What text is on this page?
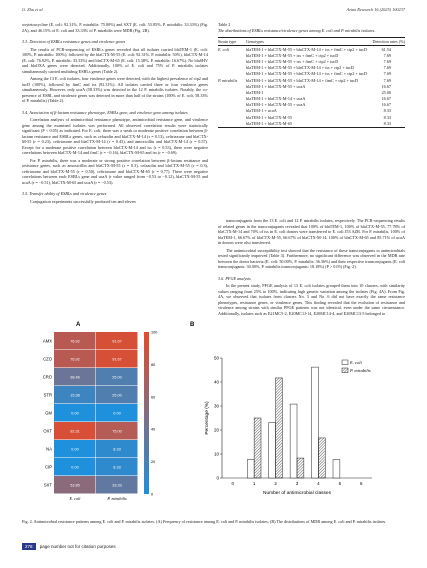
G. Zhu et al.	Avian Research 16 (2025) 100237

oxytetracycline (E. coli: 92.31%, P. mirabilis: 75.00%) and SXT (E. coli: 53.85%, P. mirabilis: 33.33%) (Fig. 2A), and 46.15% of E. coli and 33.33% of P. mirabilis were MDR (Fig. 2B).

3.3. Detection of ESBLs resistance genes and virulence genes

The results of PCR-sequencing of ESBLs genes revealed that all isolates carried blaTEM-1 (E. coli: 100%, P. mirabilis: 100%), followed by the blaCTX-M-55 (E. coli: 92.31%, P. mirabilis: 50%), blaCTX-M-14 (E. coli: 76.92%, P. mirabilis: 33.33%) and blaCTX-M-65 (E. coli: 15.38%, P. mirabilis: 16.67%). No blaSHV and blaOXA genes were detected. Additionally, 100% of E. coli and 75% of P. mirabilis isolates simultaneously carried multidrug ESBLs genes (Table 2).

Among the 13 E. coli isolates, four virulence genes were detected, with the highest prevalence of ctp2 and iucD (100%), followed by fimC and iss (92.31%). All isolates carried three or four virulence genes simultaneously. However, only ucaA (58.33%) was detected in the 12 P. mirabilis isolates. Notably, the co-presence of ESBL and virulence genes was detected in more than half of the strains (100% of E. coli, 58.33% of P. mirabilis) (Table 2).

3.4. Association of β-lactam resistance phenotype, ESBLs gene, and virulence gene among isolates

Correlation analysis of antimicrobial resistance phenotype, antimicrobial resistance gene, and virulence gene among the examined isolates was performed. All observed correlation results were statistically significant (P < 0.05) as indicated. For E. coli, there was a weak or moderate positive correlation between β-lactam resistance and ESBLs genes, such as cefazolin and blaCTX-M-14 (r = 0.13), ceftriaxone and blaCTX-M-55 (r = 0.23), ceftriaxone and blaCTX-M-14 (r = 0.43), and amoxicillin and blaCTX-M-14 (r = 0.57). Except for a moderate positive correlation between blaCTX-M-14 and iss (r = 0.53), there were negative correlations between blaCTX-M-14 and fimC (r = −0.16), blaCTX-M-65 and iss (r = −0.69).

For P. mirabilis, there was a moderate or strong positive correlation between β-lactam resistance and resistance genes, such as amoxicillin and blaCTX-M-55 (r = 0.3), cefazolin and blaCTX-M-55 (r = 0.3), ceftriaxone and blaCTX-M-55 (r = 0.50), ceftriaxone and blaCTX-M-65 (r = 0.77). There were negative correlations between each ESBLs gene and ucaA (r value ranged from −0.53 to −0.12), blaCTX-M-55 and ucaA (r = −0.51), blaCTX-M-65 and ucaA (r = −0.53).

3.5. Transfer ability of ESBLs and virulence genes

Conjugation experiments successfully produced ten and eleven

Table 2
The distributions of ESBLs resistance/virulence genes among E. coli and P. mirabilis isolates.
Strain type	Genotypes	Detection rates (%)
E. coli	blaTEM-1 + blaCTX-M-55 + blaCTX-M-14 + iss + fimC + ctp2 + iucD	61.54
	blaTEM-1 + blaCTX-M-55 + iss + fimC + ctp2 + iucD	7.69
	blaTEM-1 + blaCTX-M-55 + iss + fimC + ctp2 + iucD	7.69
	blaTEM-1 + blaCTX-M-55 + blaCTX-M-14 + iss + ctp2 + iucD	7.69
	blaTEM-1 + blaCTX-M-55 + blaCTX-M-14 + iss + fimC + ctp2 + iucD	7.69
P. mirabilis	blaTEM-1 + blaCTX-M-55 + blaCTX-M-14 + fimC + ctp2 + iucD	7.69
	blaTEM-1 + blaCTX-M-55 + ucaA	16.67
	blaTEM-1	25.00
	blaTEM-1 + blaCTX-M-14 + ucaA	16.67
	blaTEM-1 + blaCTX-M-55 + ucaA	16.67
	blaTEM-1 + ucaA	8.33
	blaTEM-1 + blaCTX-M-55	8.33
	blaTEM-1 + blaCTX-M-65	8.33

transconjugants from the 13 E. coli and 12 P. mirabilis isolates, respectively. The PCR-sequencing results of related genes in the transconjugants revealed that 100% of blaTEM-1, 100% of blaCTX-M-55, 77.78% of blaCTX-M-14 and 70% of iss in E. coli donors were transferred to E. coli J53 AZR. For P. mirabilis, 100% of blaTEM-1, 66.67% of blaCTX-M-55, 66.67% of blaCTX-M-14, 100% of blaCTX-M-65 and 85.71% of ucaA in donors were also transferred.

The antimicrobial susceptibility test showed that the resistance of these transconjugants to antimicrobials tested significantly improved (Table 3). Furthermore, no significant difference was observed in the MDR rate between the donor bacteria (E. coli: 50.00%, P. mirabilis: 36.36%) and their respective transconjugants (E. coli transconjugants: 30.00%, P. mirabilis transconjugants: 18.18%) (P > 0.05) (Fig. 2).

3.6. PFGE analysis

In the present study, PFGE analysis of 13 E. coli isolates grouped them into 10 clusters, with similarity values ranging from 25% to 100%, indicating high genetic variation among the isolates (Fig. 4A). From Fig. 4A, we observed that isolates from clusters No. 3 and No. 6 did not have exactly the same resistance phenotypes, resistance genes, or virulence genes. This finding revealed that the evolution of resistance and virulence among strains with similar PFGE patterns was not identical, even under the same circumstance. Additionally, isolates such as E21MC5-2, E20MC1J-14, E20MC14-4, and E20MC13-5 belonged to

A	B
AMX	76.92	91.67
CZO	76.92	91.67
CRO	38.46	25.00
STR	15.38	25.00
GM	0.00	0.00
OXT	92.31	75.00
NA	0.00	8.33
CIP	0.00	8.33
SXT	53.85	33.33
E. coli	P. mirabilis
100
80
60
40
20
0
0
10
20
30
40
50
Percentage (%)
Number of antimicrobial classes
0	1	2	3	4	5	6
E. coli
P. mirabilis
Fig. 2. Antimicrobial resistance patterns among E. coli and P. mirabilis isolates. (A) Frequency of resistance among E. coli and P. mirabilis isolates; (B) The distributions of MDR among E. coli and P. mirabilis isolates.
278 page number not for citation purposes
